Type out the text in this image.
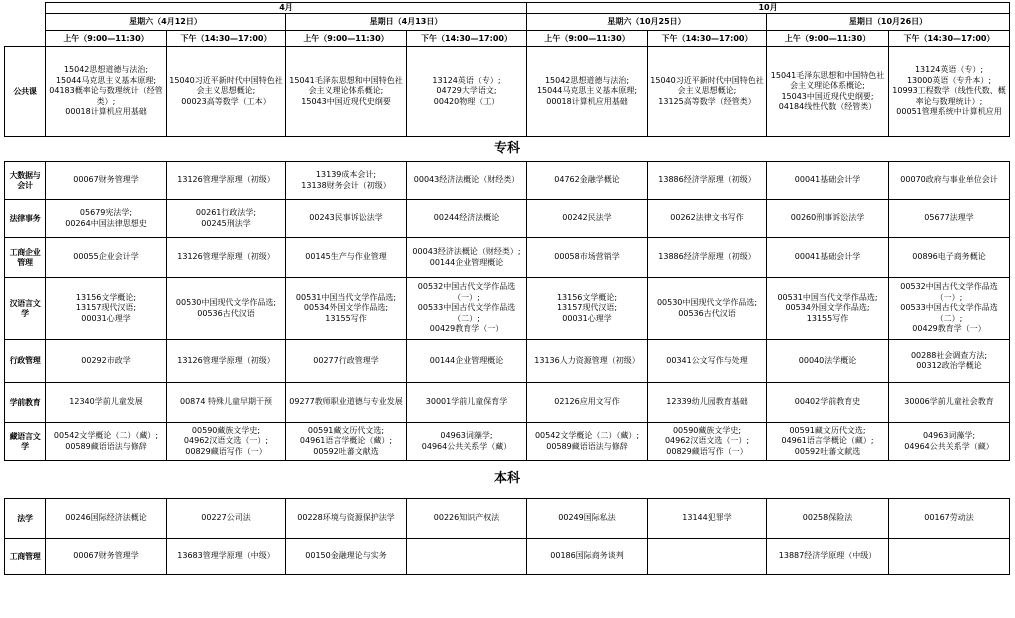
	4月				10月			
	星期六（4月12日）		星期日（4月13日）		星期六（10月25日）		星期日（10月26日）	
	上午（9:00—11:30）	下午（14:30—17:00）	上午（9:00—11:30）	下午（14:30—17:00）	上午（9:00—11:30）	下午（14:30—17:00）	上午（9:00—11:30）	下午（14:30—17:00）
公共课	15042思想道德与法治;
15044马克思主义基本原理;
04183概率论与数理统计（经管类）;
00018计算机应用基础	15040习近平新时代中国特色社会主义思想概论;
00023高等数学（工本）	15041毛泽东思想和中国特色社会主义理论体系概论;
15043中国近现代史纲要	13124英语（专）;
04729大学语文;
00420物理（工）	15042思想道德与法治;
15044马克思主义基本原理;
00018计算机应用基础	15040习近平新时代中国特色社会主义思想概论;
13125高等数学（经管类）	15041毛泽东思想和中国特色社会主义理论体系概论;
15043中国近现代史纲要;
04184线性代数（经管类）	13124英语（专）;
13000英语（专升本）;
10993工程数学（线性代数、概率论与数理统计）;
00051管理系统中计算机应用

专科								
大数据与会计	00067财务管理学	13126管理学原理（初级）	13139成本会计;
13138财务会计（初级）	00043经济法概论（财经类）	04762金融学概论	13886经济学原理（初级）	00041基础会计学	00070政府与事业单位会计

法律事务	05679宪法学;
00264中国法律思想史	00261行政法学;
00245刑法学	00243民事诉讼法学	00244经济法概论	00242民法学	00262法律文书写作	00260刑事诉讼法学	05677法理学

工商企业管理	00055企业会计学	13126管理学原理（初级）	00145生产与作业管理	00043经济法概论（财经类）;
00144企业管理概论	00058市场营销学	13886经济学原理（初级）	00041基础会计学	00896电子商务概论

汉语言文学	13156文学概论;
13157现代汉语;
00031心理学	00530中国现代文学作品选;
00536古代汉语	00531中国当代文学作品选;
00534外国文学作品选;
13155写作	00532中国古代文学作品选（一）;
00533中国古代文学作品选（二）;
00429教育学（一）	13156文学概论;
13157现代汉语;
00031心理学	00530中国现代文学作品选;
00536古代汉语	00531中国当代文学作品选;
00534外国文学作品选;
13155写作	00532中国古代文学作品选（一）;
00533中国古代文学作品选（二）;
00429教育学（一）

行政管理	00292市政学	13126管理学原理（初级）	00277行政管理学	00144企业管理概论	13136人力资源管理（初级）	00341公文写作与处理	00040法学概论	00288社会调查方法;
00312政治学概论

学前教育	12340学前儿童发展	00874 特殊儿童早期干预	09277教师职业道德与专业发展	30001学前儿童保育学	02126应用文写作	12339幼儿园教育基础	00402学前教育史	30006学前儿童社会教育

藏语言文学	00542文学概论（二）（藏）;
00589藏语语法与修辞	00590藏族文学史;
04962汉语文选（一）;
00829藏语写作（一）	00591藏文历代文选;
04961语言学概论（藏）;
00592吐蕃文献选	04963词藻学;
04964公共关系学（藏）	00542文学概论（二）（藏）;
00589藏语语法与修辞	00590藏族文学史;
04962汉语文选（一）;
00829藏语写作（一）	00591藏文历代文选;
04961语言学概论（藏）;
00592吐蕃文献选	04963词藻学;
04964公共关系学（藏）

本科								
法学	00246国际经济法概论	00227公司法	00228环境与资源保护法学	00226知识产权法	00249国际私法	13144犯罪学	00258保险法	00167劳动法

工商管理	00067财务管理学	13683管理学原理（中级）	00150金融理论与实务		00186国际商务谈判		13887经济学原理（中级）	
